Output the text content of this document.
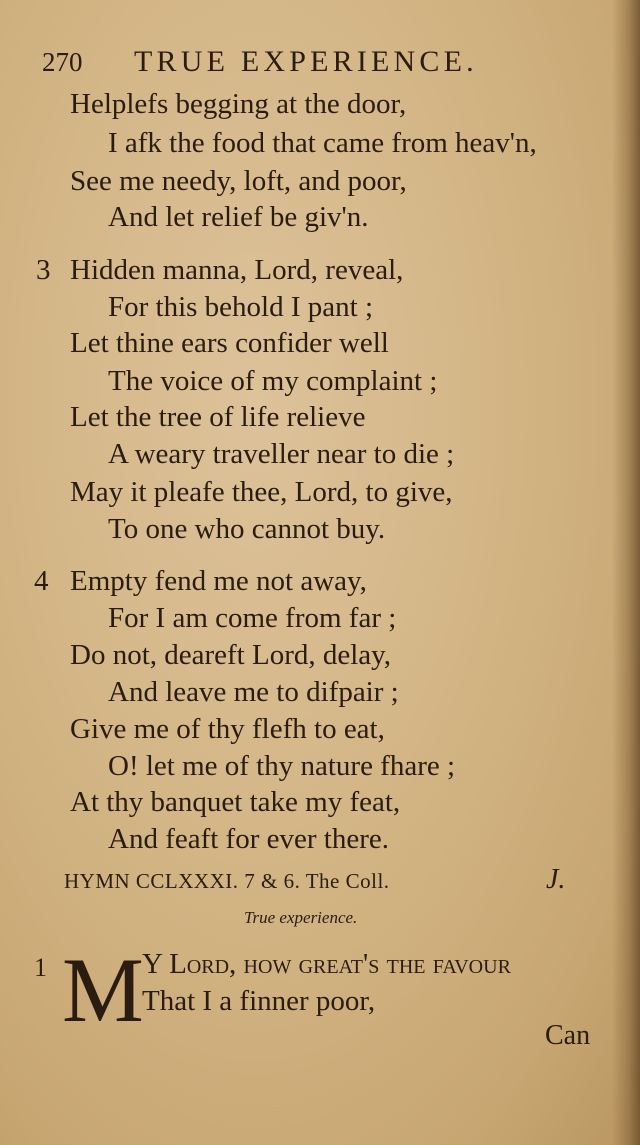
270 TRUE EXPERIENCE.
Helplefs begging at the door,
I afk the food that came from heav'n,
See me needy, loft, and poor,
And let relief be giv'n.
3 Hidden manna, Lord, reveal,
For this behold I pant ;
Let thine ears confider well
The voice of my complaint ;
Let the tree of life relieve
A weary traveller near to die ;
May it pleafe thee, Lord, to give,
To one who cannot buy.
4 Empty fend me not away,
For I am come from far ;
Do not, deareft Lord, delay,
And leave me to difpair ;
Give me of thy flefh to eat,
O! let me of thy nature fhare ;
At thy banquet take my feat,
And feaft for ever there.
HYMN CCLXXXI. 7 & 6. The Coll.	J.
True experience.
1 M
Y Lord, how great's the favour
That I a finner poor,
Can
